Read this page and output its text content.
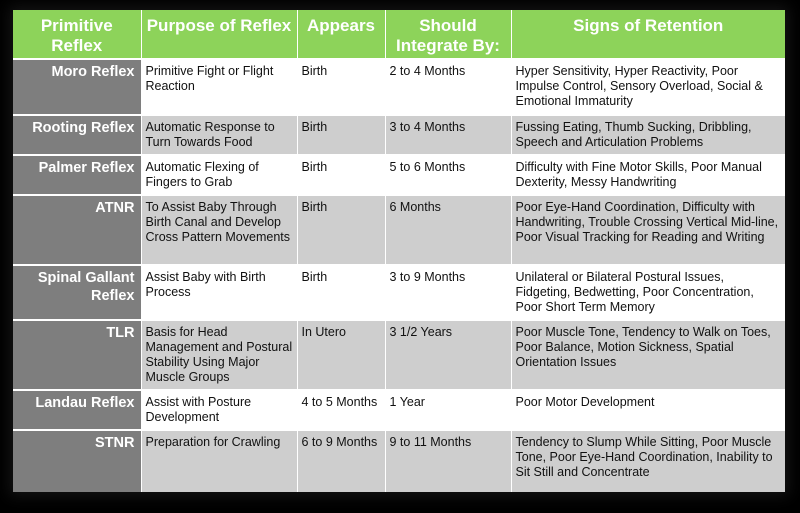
Primitive Reflex	Purpose of Reflex	Appears	Should Integrate By:	Signs of Retention
Moro Reflex	Primitive Fight or Flight Reaction	Birth	2 to 4 Months	Hyper Sensitivity, Hyper Reactivity, Poor Impulse Control, Sensory Overload, Social & Emotional Immaturity
Rooting Reflex	Automatic Response to Turn Towards Food	Birth	3 to 4 Months	Fussing Eating, Thumb Sucking, Dribbling, Speech and Articulation Problems
Palmer Reflex	Automatic Flexing of Fingers to Grab	Birth	5 to 6 Months	Difficulty with Fine Motor Skills, Poor Manual Dexterity, Messy Handwriting
ATNR	To Assist Baby Through Birth Canal and Develop Cross Pattern Movements	Birth	6 Months	Poor Eye-Hand Coordination, Difficulty with Handwriting, Trouble Crossing Vertical Mid-line, Poor Visual Tracking for Reading and Writing
Spinal Gallant Reflex	Assist Baby with Birth Process	Birth	3 to 9 Months	Unilateral or Bilateral Postural Issues, Fidgeting, Bedwetting, Poor Concentration, Poor Short Term Memory
TLR	Basis for Head Management and Postural Stability Using Major Muscle Groups	In Utero	3 1/2 Years	Poor Muscle Tone, Tendency to Walk on Toes, Poor Balance, Motion Sickness, Spatial Orientation Issues
Landau Reflex	Assist with Posture Development	4 to 5 Months	1 Year	Poor Motor Development
STNR	Preparation for Crawling	6 to 9 Months	9 to 11 Months	Tendency to Slump While Sitting, Poor Muscle Tone, Poor Eye-Hand Coordination, Inability to Sit Still and Concentrate
